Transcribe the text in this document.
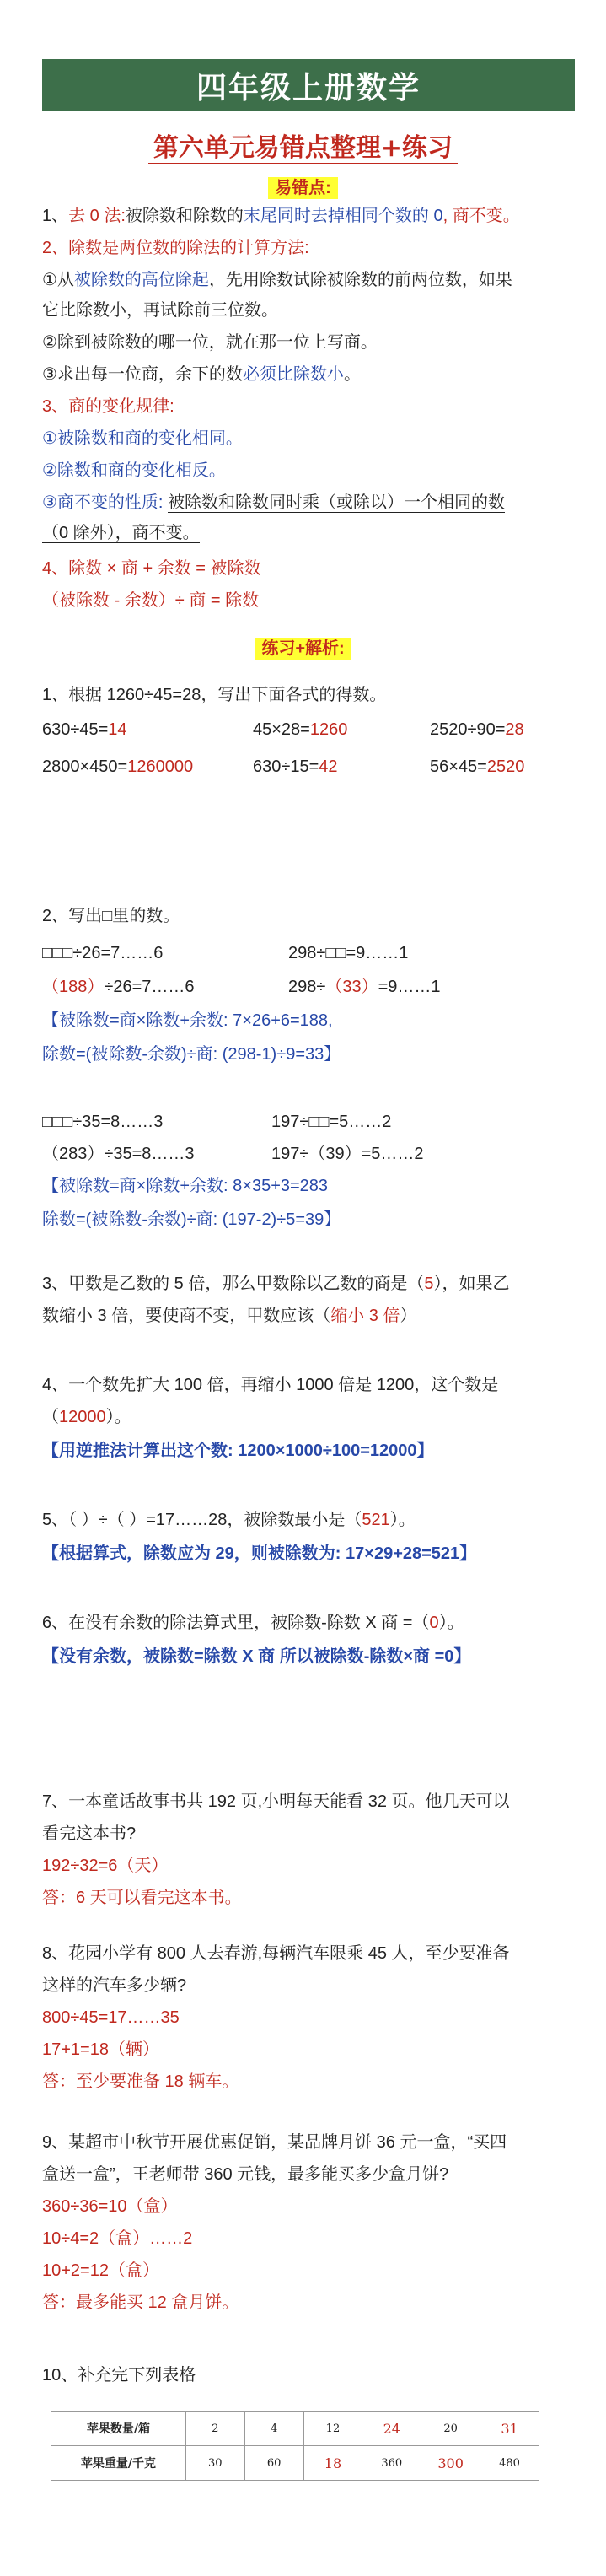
四年级上册数学
第六单元易错点整理+练习
易错点:
1、去 0 法:被除数和除数的末尾同时去掉相同个数的 0, 商不变。
2、除数是两位数的除法的计算方法:
①从被除数的高位除起，先用除数试除被除数的前两位数，如果
它比除数小，再试除前三位数。
②除到被除数的哪一位，就在那一位上写商。
③求出每一位商，余下的数必须比除数小。
3、商的变化规律:
①被除数和商的变化相同。
②除数和商的变化相反。
③商不变的性质: 被除数和除数同时乘（或除以）一个相同的数
（0 除外），商不变。
4、除数 × 商 + 余数 = 被除数
（被除数 - 余数）÷ 商 = 除数
练习+解析:
1、根据 1260÷45=28，写出下面各式的得数。
630÷45=14	45×28=1260	2520÷90=28
2800×450=1260000	630÷15=42	56×45=2520
2、写出□里的数。
□□□÷26=7……6	298÷□□=9……1
（188）÷26=7……6	298÷（33）=9……1
【被除数=商×除数+余数: 7×26+6=188,
除数=(被除数-余数)÷商: (298-1)÷9=33】
□□□÷35=8……3	197÷□□=5……2
（283）÷35=8……3	197÷（39）=5……2
【被除数=商×除数+余数: 8×35+3=283
除数=(被除数-余数)÷商: (197-2)÷5=39】
3、甲数是乙数的 5 倍，那么甲数除以乙数的商是（5），如果乙
数缩小 3 倍，要使商不变，甲数应该（缩小 3 倍）
4、一个数先扩大 100 倍，再缩小 1000 倍是 1200，这个数是
（12000）。
【用逆推法计算出这个数: 1200×1000÷100=12000】
5、（ ）÷（ ）=17……28，被除数最小是（521）。
【根据算式，除数应为 29，则被除数为: 17×29+28=521】
6、在没有余数的除法算式里，被除数-除数 X 商 =（0）。
【没有余数，被除数=除数 X 商 所以被除数-除数×商 =0】
7、一本童话故事书共 192 页,小明每天能看 32 页。他几天可以
看完这本书?
192÷32=6（天）
答：6 天可以看完这本书。
8、花园小学有 800 人去春游,每辆汽车限乘 45 人，至少要准备
这样的汽车多少辆?
800÷45=17……35
17+1=18（辆）
答：至少要准备 18 辆车。
9、某超市中秋节开展优惠促销，某品牌月饼 36 元一盒，“买四
盒送一盒”，王老师带 360 元钱，最多能买多少盒月饼?
360÷36=10（盒）
10÷4=2（盒）……2
10+2=12（盒）
答：最多能买 12 盒月饼。
10、补充完下列表格
苹果数量/箱	2	4	12	24	20	31
苹果重量/千克	30	60	18	360	300	480
